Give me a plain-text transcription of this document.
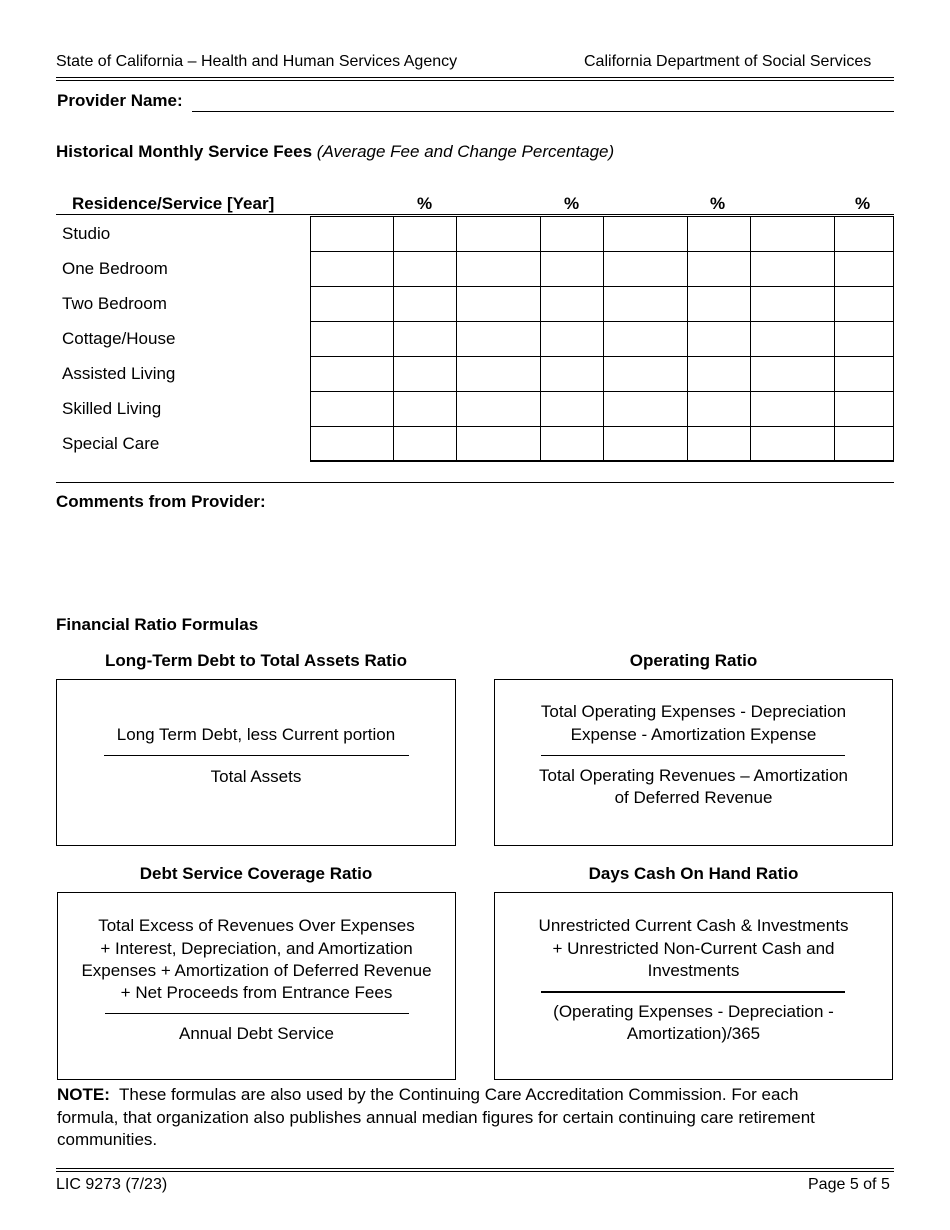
State of California – Health and Human Services Agency	California Department of Social Services
Provider Name:
Historical Monthly Service Fees (Average Fee and Change Percentage)
Residence/Service [Year]	%	%	%	%
Studio
One Bedroom
Two Bedroom
Cottage/House
Assisted Living
Skilled Living
Special Care
Comments from Provider:
Financial Ratio Formulas
Long-Term Debt to Total Assets Ratio
Long Term Debt, less Current portion
Total Assets
Operating Ratio
Total Operating Expenses - Depreciation
Expense - Amortization Expense
Total Operating Revenues – Amortization
of Deferred Revenue
Debt Service Coverage Ratio
Total Excess of Revenues Over Expenses
+ Interest, Depreciation, and Amortization
Expenses + Amortization of Deferred Revenue
+ Net Proceeds from Entrance Fees
Annual Debt Service
Days Cash On Hand Ratio
Unrestricted Current Cash & Investments
+ Unrestricted Non-Current Cash and
Investments
(Operating Expenses - Depreciation -
Amortization)/365
NOTE: These formulas are also used by the Continuing Care Accreditation Commission. For each
formula, that organization also publishes annual median figures for certain continuing care retirement
communities.
LIC 9273 (7/23)	Page 5 of 5
